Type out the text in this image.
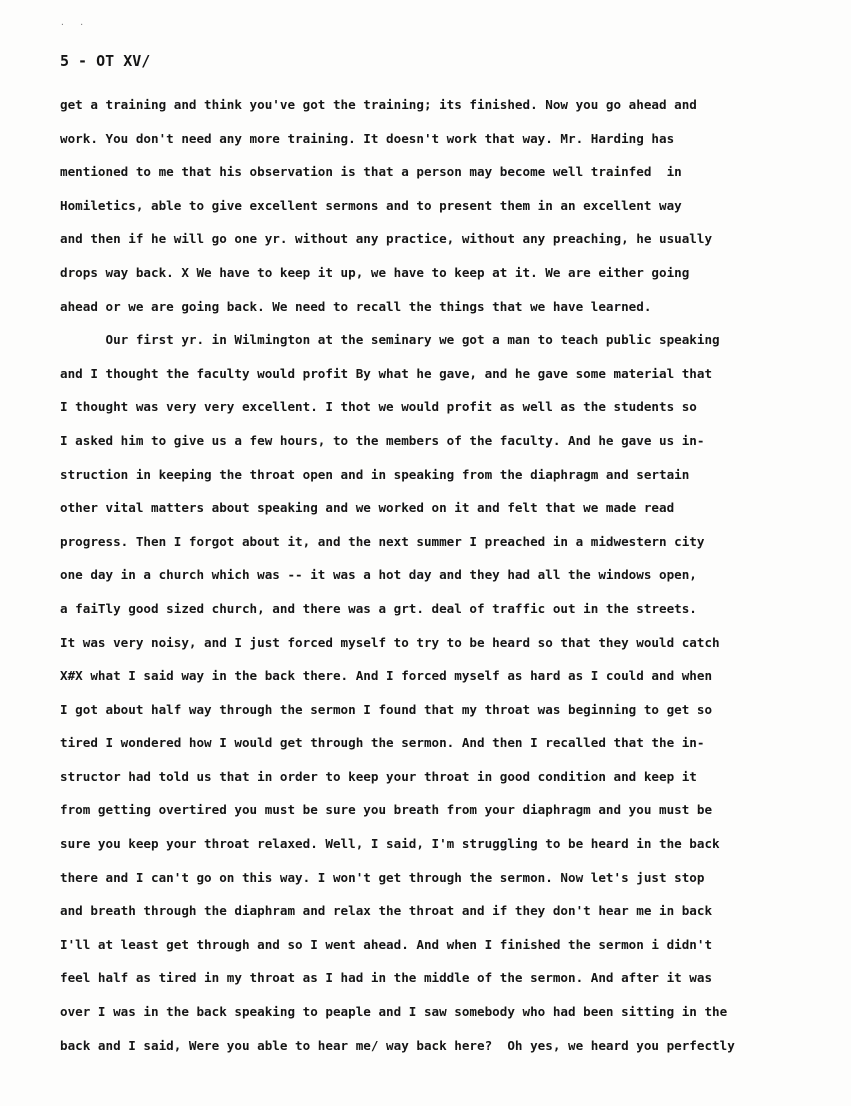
.   .
5 - OT XV/
get a training and think you've got the training; its finished. Now you go ahead and
work. You don't need any more training. It doesn't work that way. Mr. Harding has
mentioned to me that his observation is that a person may become well trainfed  in
Homiletics, able to give excellent sermons and to present them in an excellent way
and then if he will go one yr. without any practice, without any preaching, he usually
drops way back. X We have to keep it up, we have to keep at it. We are either going
ahead or we are going back. We need to recall the things that we have learned.
Our first yr. in Wilmington at the seminary we got a man to teach public speaking
and I thought the faculty would profit By what he gave, and he gave some material that
I thought was very very excellent. I thot we would profit as well as the students so
I asked him to give us a few hours, to the members of the faculty. And he gave us in-
struction in keeping the throat open and in speaking from the diaphragm and sertain
other vital matters about speaking and we worked on it and felt that we made read
progress. Then I forgot about it, and the next summer I preached in a midwestern city
one day in a church which was -- it was a hot day and they had all the windows open,
a faiTly good sized church, and there was a grt. deal of traffic out in the streets.
It was very noisy, and I just forced myself to try to be heard so that they would catch
X#X what I said way in the back there. And I forced myself as hard as I could and when
I got about half way through the sermon I found that my throat was beginning to get so
tired I wondered how I would get through the sermon. And then I recalled that the in-
structor had told us that in order to keep your throat in good condition and keep it
from getting overtired you must be sure you breath from your diaphragm and you must be
sure you keep your throat relaxed. Well, I said, I'm struggling to be heard in the back
there and I can't go on this way. I won't get through the sermon. Now let's just stop
and breath through the diaphram and relax the throat and if they don't hear me in back
I'll at least get through and so I went ahead. And when I finished the sermon i didn't
feel half as tired in my throat as I had in the middle of the sermon. And after it was
over I was in the back speaking to peaple and I saw somebody who had been sitting in the
back and I said, Were you able to hear me/ way back here?  Oh yes, we heard you perfectly
